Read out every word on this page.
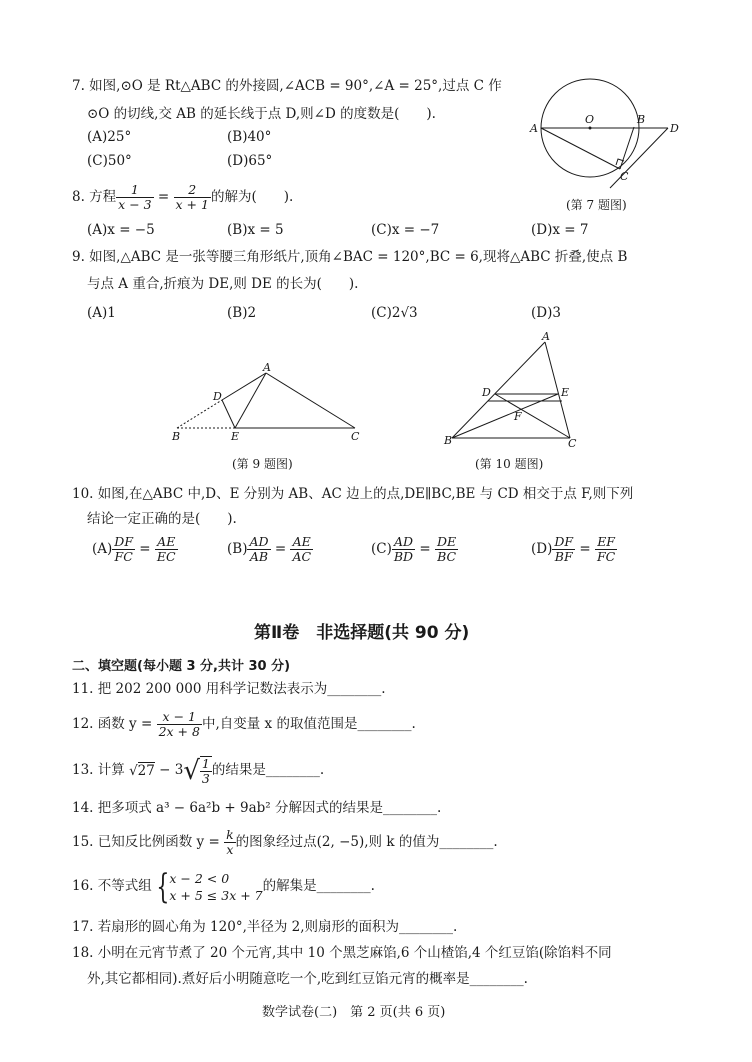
7. 如图,⊙O 是 Rt△ABC 的外接圆,∠ACB = 90°,∠A = 25°,过点 C 作
⊙O 的切线,交 AB 的延长线于点 D,则∠D 的度数是(　　).
(A)25°	(B)40°
(C)50°	(D)65°
A
O	B
D
C
(第 7 题图)
8. 方程 $\frac{1}{x - 3} = \frac{2}{x + 1}$ 的解为(　　).
(A)x = −5	(B)x = 5	(C)x = −7	(D)x = 7
9. 如图,△ABC 是一张等腰三角形纸片,顶角∠BAC = 120°,BC = 6,现将△ABC 折叠,使点 B
与点 A 重合,折痕为 DE,则 DE 的长为(　　).
(A)1	(B)2	(C)2√3	(D)3
A
D
B	E	C
(第 9 题图)
A
D	E
F
B	C
(第 10 题图)
10. 如图,在△ABC 中,D、E 分别为 AB、AC 边上的点,DE∥BC,BE 与 CD 相交于点 F,则下列
结论一定正确的是(　　).
$(A) \frac{DF}{FC} = \frac{AE}{EC}$	$(B) \frac{AD}{AB} = \frac{AE}{AC}$	$(C) \frac{AD}{BD} = \frac{DE}{BC}$	$(D) \frac{DF}{BF} = \frac{EF}{FC}$
第Ⅱ卷　非选择题(共 90 分)
二、填空题(每小题 3 分,共计 30 分)
11. 把 202 200 000 用科学记数法表示为________.
12. 函数 $y = \frac{x - 1}{2x + 8}$ 中,自变量 x 的取值范围是________.
13. 计算 $√27 - 3√ \frac{1}{3}$ 的结果是________.
14. 把多项式 a³ − 6a²b + 9ab² 分解因式的结果是________.
15. 已知反比例函数 $y = \frac{k}{x}$ 的图象经过点(2, −5),则 k 的值为________.
16. 不等式组 { x − 2 < 0
x + 5 ≤ 3x + 7
的解集是________.
17. 若扇形的圆心角为 120°,半径为 2,则扇形的面积为________.
18. 小明在元宵节煮了 20 个元宵,其中 10 个黑芝麻馅,6 个山楂馅,4 个红豆馅(除馅料不同
外,其它都相同).煮好后小明随意吃一个,吃到红豆馅元宵的概率是________.
数学试卷(二)　第 2 页(共 6 页)
